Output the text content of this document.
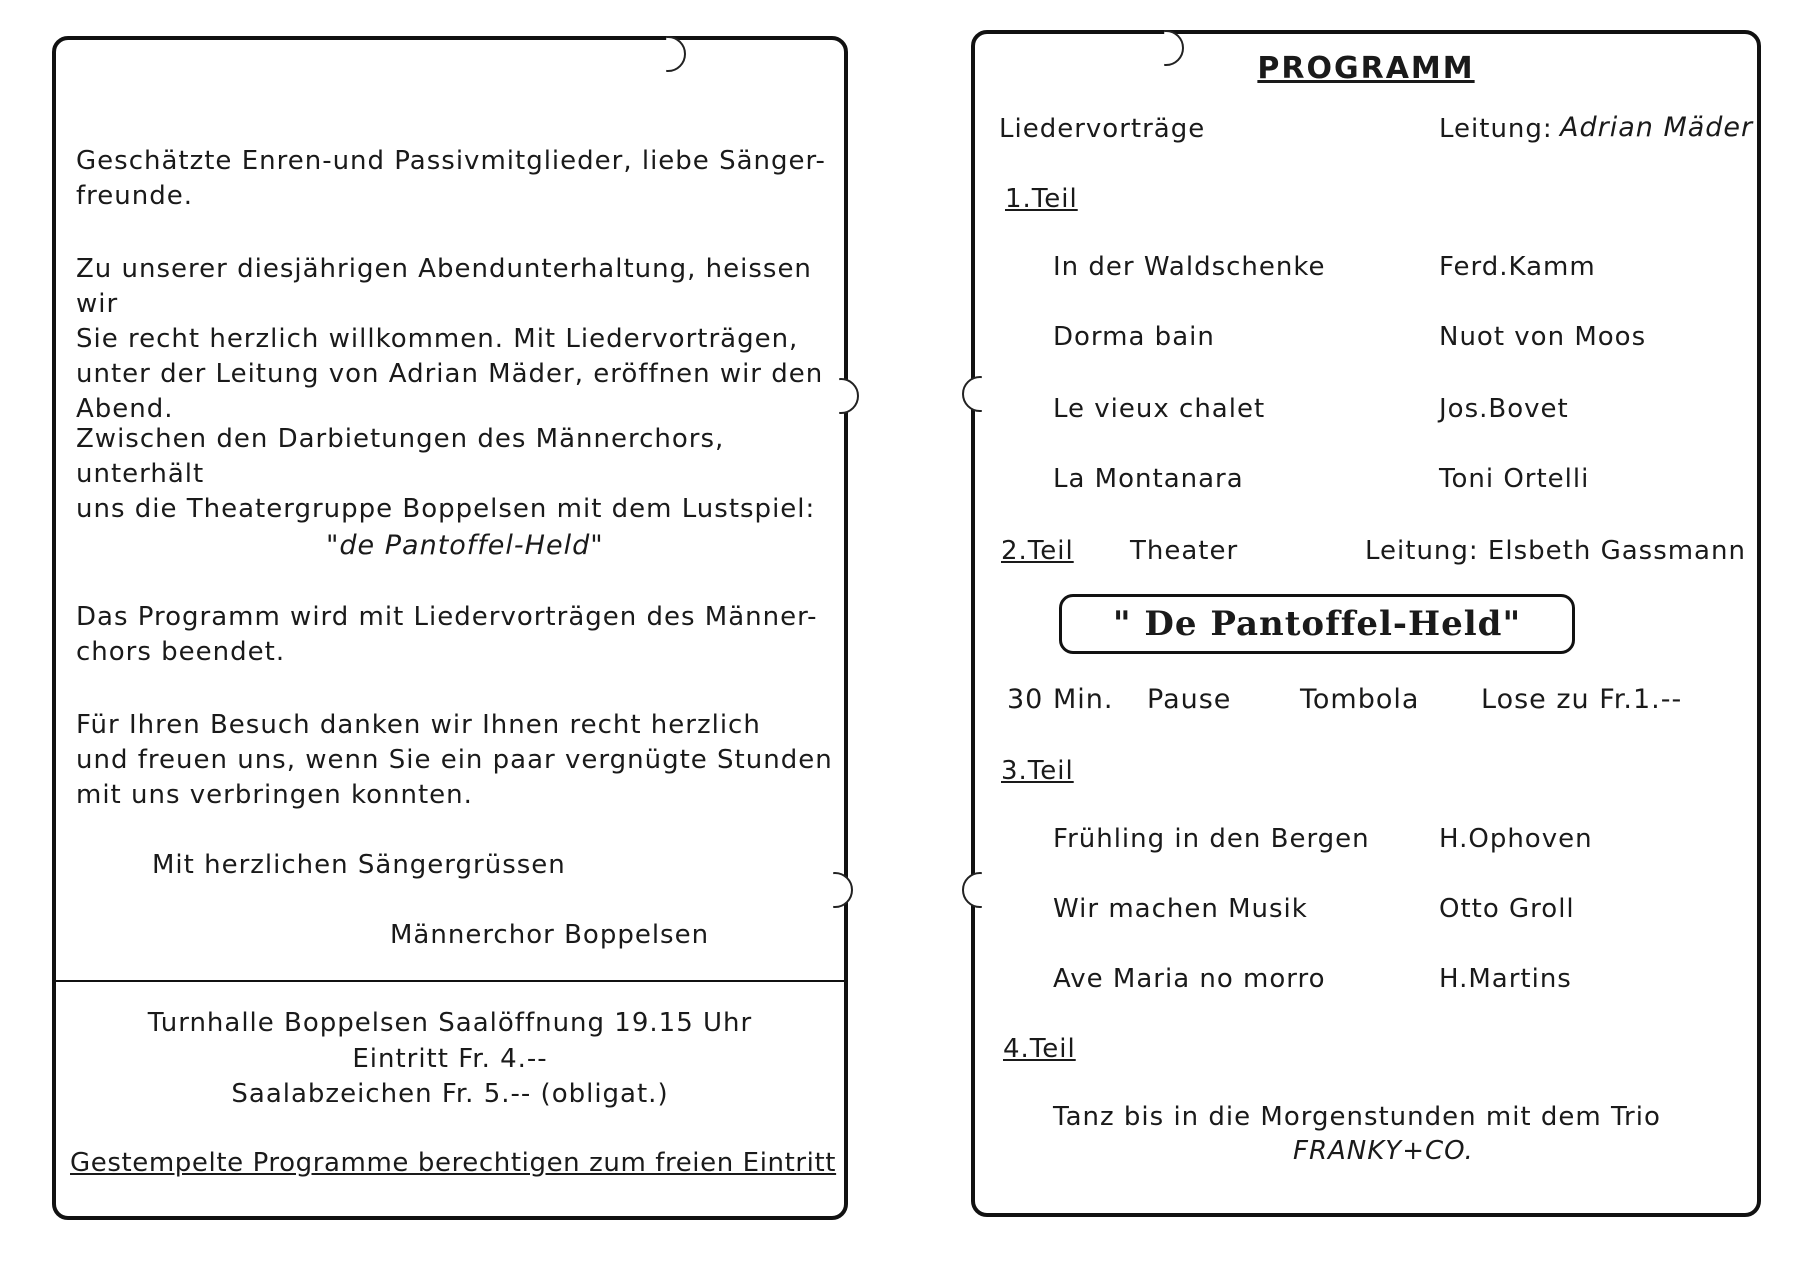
Geschätzte Enren-und Passivmitglieder, liebe Sänger-
freunde.
Zu unserer diesjährigen Abendunterhaltung, heissen wir
Sie recht herzlich willkommen. Mit Liedervorträgen,
unter der Leitung von Adrian Mäder, eröffnen wir den
Abend.
Zwischen den Darbietungen des Männerchors, unterhält
uns die Theatergruppe Boppelsen mit dem Lustspiel:
"de Pantoffel-Held"
Das Programm wird mit Liedervorträgen des Männer-
chors beendet.
Für Ihren Besuch danken wir Ihnen recht herzlich
und freuen uns, wenn Sie ein paar vergnügte Stunden
mit uns verbringen konnten.
Mit herzlichen Sängergrüssen
Männerchor Boppelsen
Turnhalle Boppelsen Saalöffnung 19.15 Uhr
Eintritt Fr. 4.--
Saalabzeichen Fr. 5.-- (obligat.)
Gestempelte Programme berechtigen zum freien Eintritt
PROGRAMM
Liedervorträge	Leitung: Adrian Mäder
1.Teil
In der Waldschenke	Ferd.Kamm
Dorma bain	Nuot von Moos
Le vieux chalet	Jos.Bovet
La Montanara	Toni Ortelli
2.Teil Theater	Leitung: Elsbeth Gassmann
" De Pantoffel-Held"
30 Min. Pause	Tombola Lose zu Fr.1.--
3.Teil
Frühling in den Bergen	H.Ophoven
Wir machen Musik	Otto Groll
Ave Maria no morro	H.Martins
4.Teil
Tanz bis in die Morgenstunden mit dem Trio
FRANKY+CO.
